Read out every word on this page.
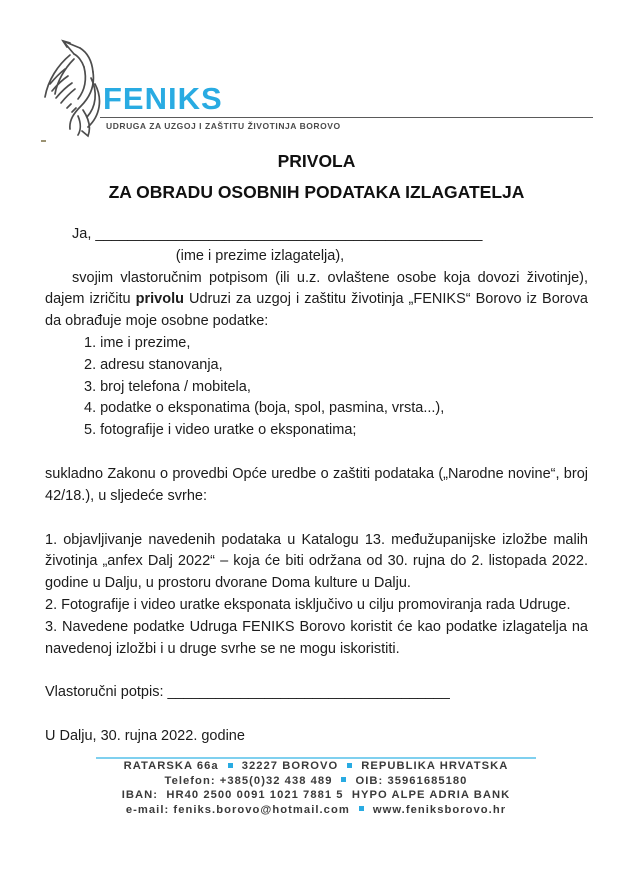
FENIKS
UDRUGA ZA UZGOJ I ZAŠTITU ŽIVOTINJA BOROVO
PRIVOLA
ZA OBRADU OSOBNIH PODATAKA IZLAGATELJA

Ja, ________________________________________________

(ime i prezime izlagatelja),

svojim vlastoručnim potpisom (ili u.z. ovlaštene osobe koja dovozi životinje), dajem izričitu privolu Udruzi za uzgoj i zaštitu životinja „FENIKS“ Borovo iz Borova da obrađuje moje osobne podatke:

1. ime i prezime,
2. adresu stanovanja,
3. broj telefona / mobitela,
4. podatke o eksponatima (boja, spol, pasmina, vrsta...),
5. fotografije i video uratke o eksponatima;

sukladno Zakonu o provedbi Opće uredbe o zaštiti podataka („Narodne novine“, broj 42/18.), u sljedeće svrhe:

1. objavljivanje navedenih podataka u Katalogu 13. međužupanijske izložbe malih životinja „anfex Dalj 2022“ – koja će biti održana od 30. rujna do 2. listopada 2022. godine u Dalju, u prostoru dvorane Doma kulture u Dalju.

2. Fotografije i video uratke eksponata isključivo u cilju promoviranja rada Udruge.

3. Navedene podatke Udruga FENIKS Borovo koristit će kao podatke izlagatelja na navedenoj izložbi i u druge svrhe se ne mogu iskoristiti.

Vlastoručni potpis: ___________________________________

U Dalju, 30. rujna 2022. godine

RATARSKA 66a 32227 BOROVO REPUBLIKA HRVATSKA
Telefon: +385(0)32 438 489 OIB: 35961685180
IBAN:  HR40 2500 0091 1021 7881 5  HYPO ALPE ADRIA BANK
e-mail: feniks.borovo@hotmail.com www.feniksborovo.hr
